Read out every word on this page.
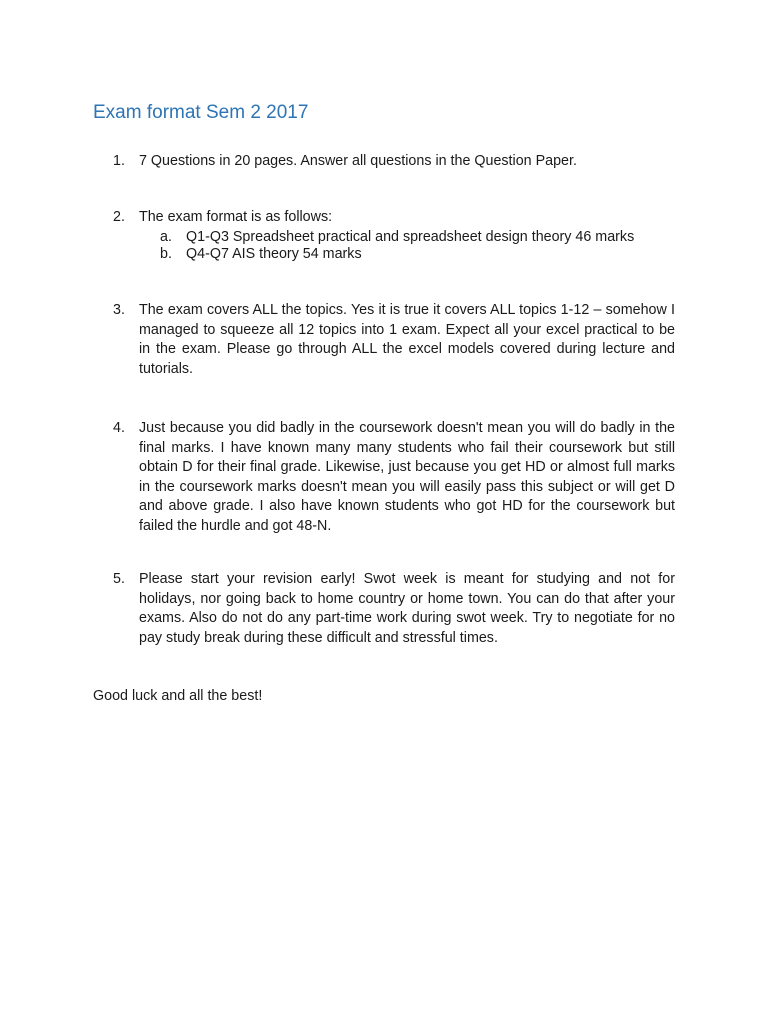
Exam format Sem 2 2017
1. 7 Questions in 20 pages. Answer all questions in the Question Paper.
2. The exam format is as follows:
a. Q1-Q3 Spreadsheet practical and spreadsheet design theory 46 marks
b. Q4-Q7 AIS theory 54 marks
3. The exam covers ALL the topics. Yes it is true it covers ALL topics 1-12 – somehow I managed to squeeze all 12 topics into 1 exam. Expect all your excel practical to be in the exam. Please go through ALL the excel models covered during lecture and tutorials.
4. Just because you did badly in the coursework doesn't mean you will do badly in the final marks. I have known many many students who fail their coursework but still obtain D for their final grade. Likewise, just because you get HD or almost full marks in the coursework marks doesn't mean you will easily pass this subject or will get D and above grade. I also have known students who got HD for the coursework but failed the hurdle and got 48-N.
5. Please start your revision early! Swot week is meant for studying and not for holidays, nor going back to home country or home town. You can do that after your exams. Also do not do any part-time work during swot week. Try to negotiate for no pay study break during these difficult and stressful times.
Good luck and all the best!
